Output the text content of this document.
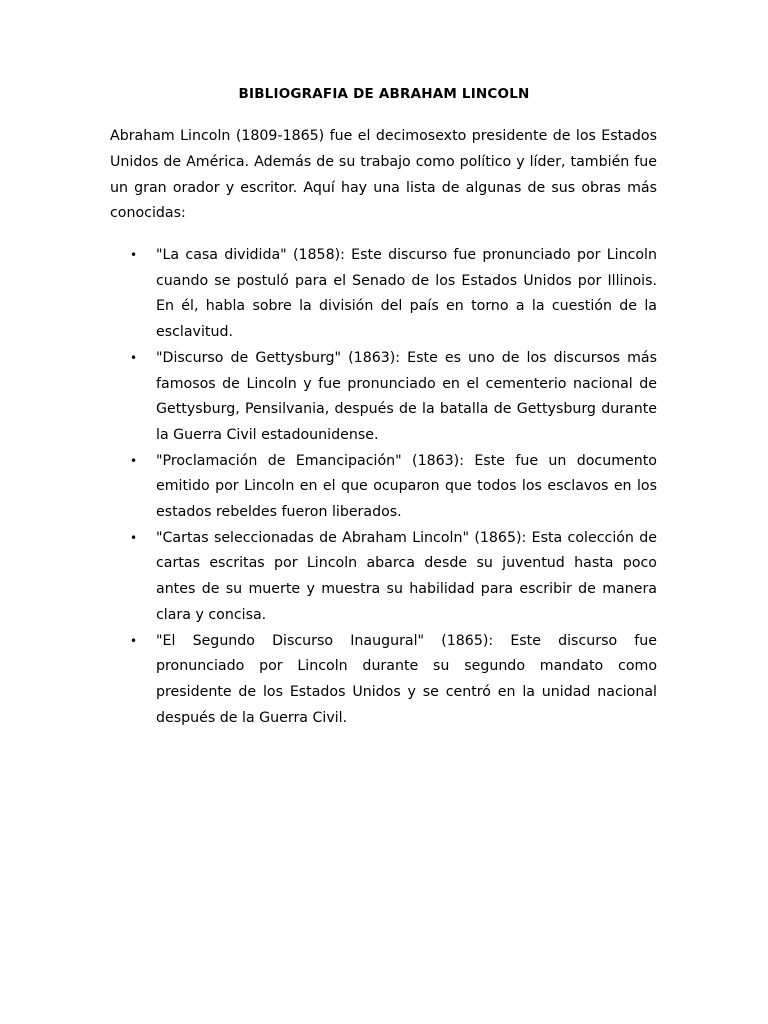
BIBLIOGRAFIA DE ABRAHAM LINCOLN

Abraham Lincoln (1809-1865) fue el decimosexto presidente de los Estados Unidos de América. Además de su trabajo como político y líder, también fue un gran orador y escritor. Aquí hay una lista de algunas de sus obras más conocidas:

• "La casa dividida" (1858): Este discurso fue pronunciado por Lincoln cuando se postuló para el Senado de los Estados Unidos por Illinois. En él, habla sobre la división del país en torno a la cuestión de la esclavitud.
• "Discurso de Gettysburg" (1863): Este es uno de los discursos más famosos de Lincoln y fue pronunciado en el cementerio nacional de Gettysburg, Pensilvania, después de la batalla de Gettysburg durante la Guerra Civil estadounidense.
• "Proclamación de Emancipación" (1863): Este fue un documento emitido por Lincoln en el que ocuparon que todos los esclavos en los estados rebeldes fueron liberados.
• "Cartas seleccionadas de Abraham Lincoln" (1865): Esta colección de cartas escritas por Lincoln abarca desde su juventud hasta poco antes de su muerte y muestra su habilidad para escribir de manera clara y concisa.
• "El Segundo Discurso Inaugural" (1865): Este discurso fue pronunciado por Lincoln durante su segundo mandato como presidente de los Estados Unidos y se centró en la unidad nacional después de la Guerra Civil.
